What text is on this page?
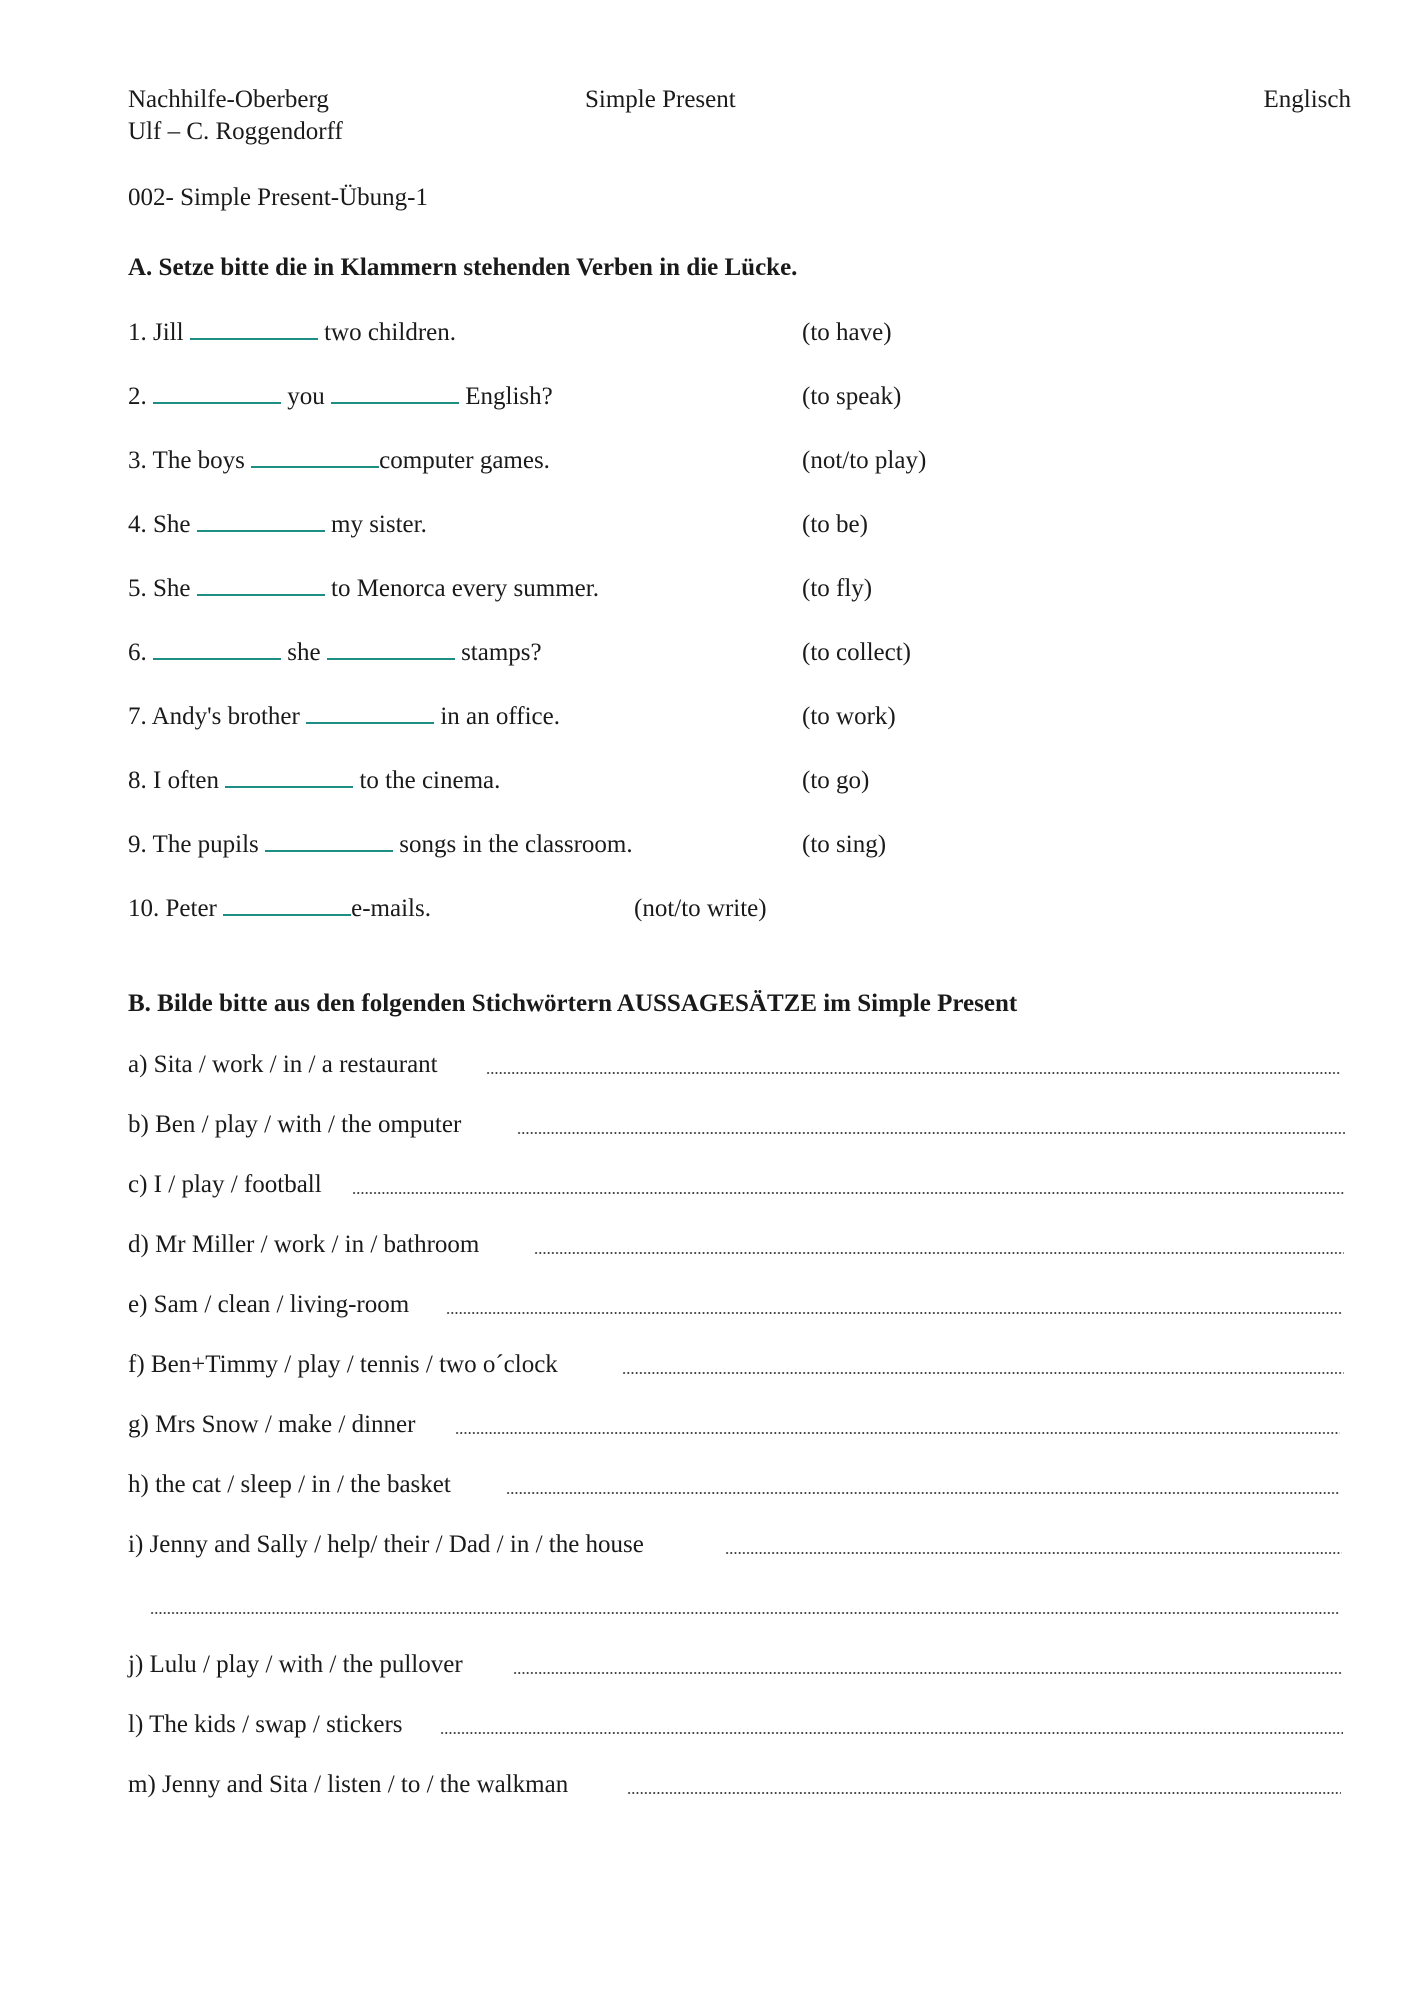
Nachhilfe-Oberberg
Ulf – C. Roggendorff
Simple Present	Englisch
002- Simple Present-Übung-1
A. Setze bitte die in Klammern stehenden Verben in die Lücke.
1. Jill	two children.	(to have)
2.	you	English?	(to speak)
3. The boys	computer games.	(not/to play)
4. She	my sister.	(to be)
5. She	to Menorca every summer.	(to fly)
6.	she	stamps?	(to collect)
7. Andy's brother	in an office.	(to work)
8. I often	to the cinema.	(to go)
9. The pupils	songs in the classroom.	(to sing)
10. Peter	e-mails.	(not/to write)
B. Bilde bitte aus den folgenden Stichwörtern AUSSAGESÄTZE im Simple Present
a) Sita / work / in / a restaurant
b) Ben / play / with / the omputer
c) I / play / football
d) Mr Miller / work / in / bathroom
e) Sam / clean / living-room
f) Ben+Timmy / play / tennis / two o´clock
g) Mrs Snow / make / dinner
h) the cat / sleep / in / the basket
i) Jenny and Sally / help/ their / Dad / in / the house
j) Lulu / play / with / the pullover
l) The kids / swap / stickers
m) Jenny and Sita / listen / to / the walkman
